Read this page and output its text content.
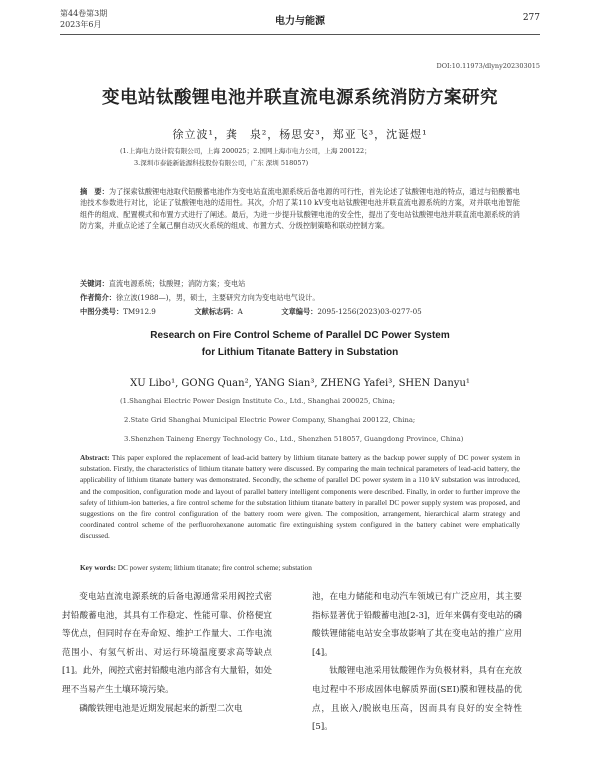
第44卷第3期
2023年6月	电力与能源	277
DOI:10.11973/dlyny202303015
变电站钛酸锂电池并联直流电源系统消防方案研究
徐立波¹，龚　泉²，杨思安³，郑亚飞³，沈诞煜¹
(1.上海电力设计院有限公司，上海 200025；2.国网上海市电力公司，上海 200122；
3.深圳市泰能新能源科技股份有限公司，广东 深圳 518057)
摘　要：为了探索钛酸锂电池取代铅酸蓄电池作为变电站直流电源系统后备电源的可行性，首先论述了钛酸锂电池的特点，通过与铅酸蓄电池技术参数进行对比，论证了钛酸锂电池的适用性。其次，介绍了某110 kV变电站钛酸锂电池并联直流电源系统的方案，对并联电池智能组件的组成、配置模式和布置方式进行了阐述。最后，为进一步提升钛酸锂电池的安全性，提出了变电站钛酸锂电池并联直流电源系统的消防方案，并重点论述了全氟己酮自动灭火系统的组成、布置方式、分级控制策略和联动控制方案。
关键词：直流电源系统；钛酸锂；消防方案；变电站
作者简介：徐立波(1988—)，男，硕士，主要研究方向为变电站电气设计。
中图分类号：TM912.9	文献标志码：A	文章编号：2095-1256(2023)03-0277-05
Research on Fire Control Scheme of Parallel DC Power System
for Lithium Titanate Battery in Substation
XU Libo¹, GONG Quan², YANG Sian³, ZHENG Yafei³, SHEN Danyu¹
(1.Shanghai Electric Power Design Institute Co., Ltd., Shanghai 200025, China;
2.State Grid Shanghai Municipal Electric Power Company, Shanghai 200122, China;
3.Shenzhen Taineng Energy Technology Co., Ltd., Shenzhen 518057, Guangdong Province, China)
Abstract: This paper explored the replacement of lead-acid battery by lithium titanate battery as the backup power supply of DC power system in substation. Firstly, the characteristics of lithium titanate battery were discussed. By comparing the main technical parameters of lead-acid battery, the applicability of lithium titanate battery was demonstrated. Secondly, the scheme of parallel DC power system in a 110 kV substation was introduced, and the composition, configuration mode and layout of parallel battery intelligent components were described. Finally, in order to further improve the safety of lithium-ion batteries, a fire control scheme for the substation lithium titanate battery in parallel DC power supply system was proposed, and suggestions on the fire control configuration of the battery room were given. The composition, arrangement, hierarchical alarm strategy and coordinated control scheme of the perfluorohexanone automatic fire extinguishing system configured in the battery cabinet were emphatically discussed.
Key words: DC power system; lithium titanate; fire control scheme; substation
变电站直流电源系统的后备电源通常采用阀控式密封铅酸蓄电池，其具有工作稳定、性能可靠、价格便宜等优点，但同时存在寿命短、维护工作量大、工作电流范围小、有氢气析出、对运行环境温度要求高等缺点[1]。此外，阀控式密封铅酸电池内部含有大量铅，如处理不当易产生土壤环境污染。
磷酸铁锂电池是近期发展起来的新型二次电
池，在电力储能和电动汽车领域已有广泛应用，其主要指标显著优于铅酸蓄电池[2-3]，近年来偶有变电站的磷酸铁锂储能电站安全事故影响了其在变电站的推广应用[4]。
钛酸锂电池采用钛酸锂作为负极材料，具有在充放电过程中不形成固体电解质界面(SEI)膜和锂枝晶的优点，且嵌入/脱嵌电压高，因而具有良好的安全特性[5]。
